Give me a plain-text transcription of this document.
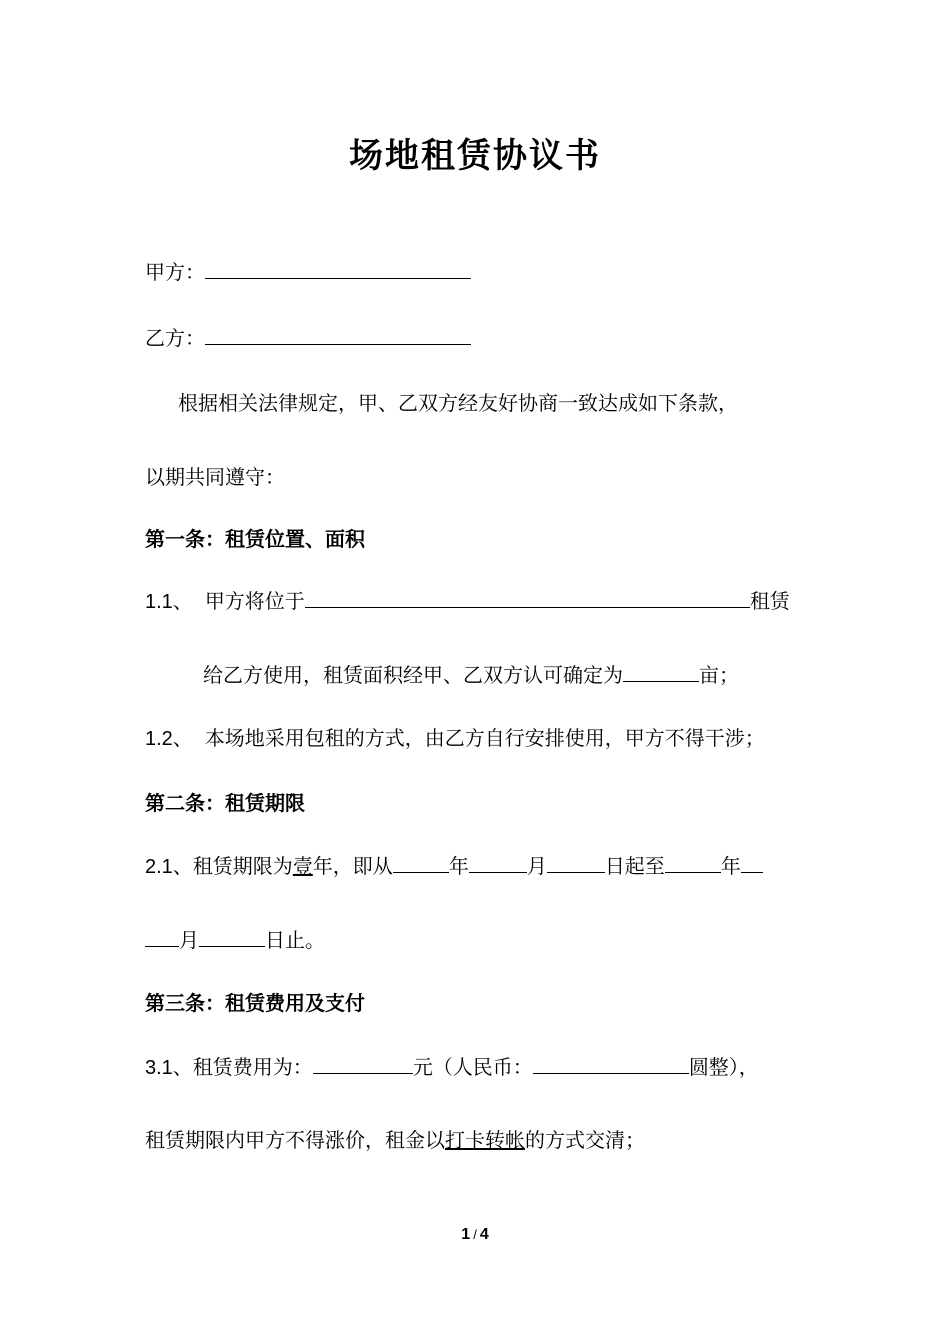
场地租赁协议书
甲方：
乙方：
根据相关法律规定，甲、乙双方经友好协商一致达成如下条款，
以期共同遵守：
第一条：租赁位置、面积
1.1、 甲方将位于	租赁
给乙方使用，租赁面积经甲、乙双方认可确定为	亩；
1.2、 本场地采用包租的方式，由乙方自行安排使用，甲方不得干涉；
第二条：租赁期限
2.1、租赁期限为壹年，即从	年	月	日起至	年
月	日止。
第三条：租赁费用及支付
3.1、租赁费用为：	元（人民币：	圆整），
租赁期限内甲方不得涨价，租金以打卡转帐的方式交清；
1 / 4
